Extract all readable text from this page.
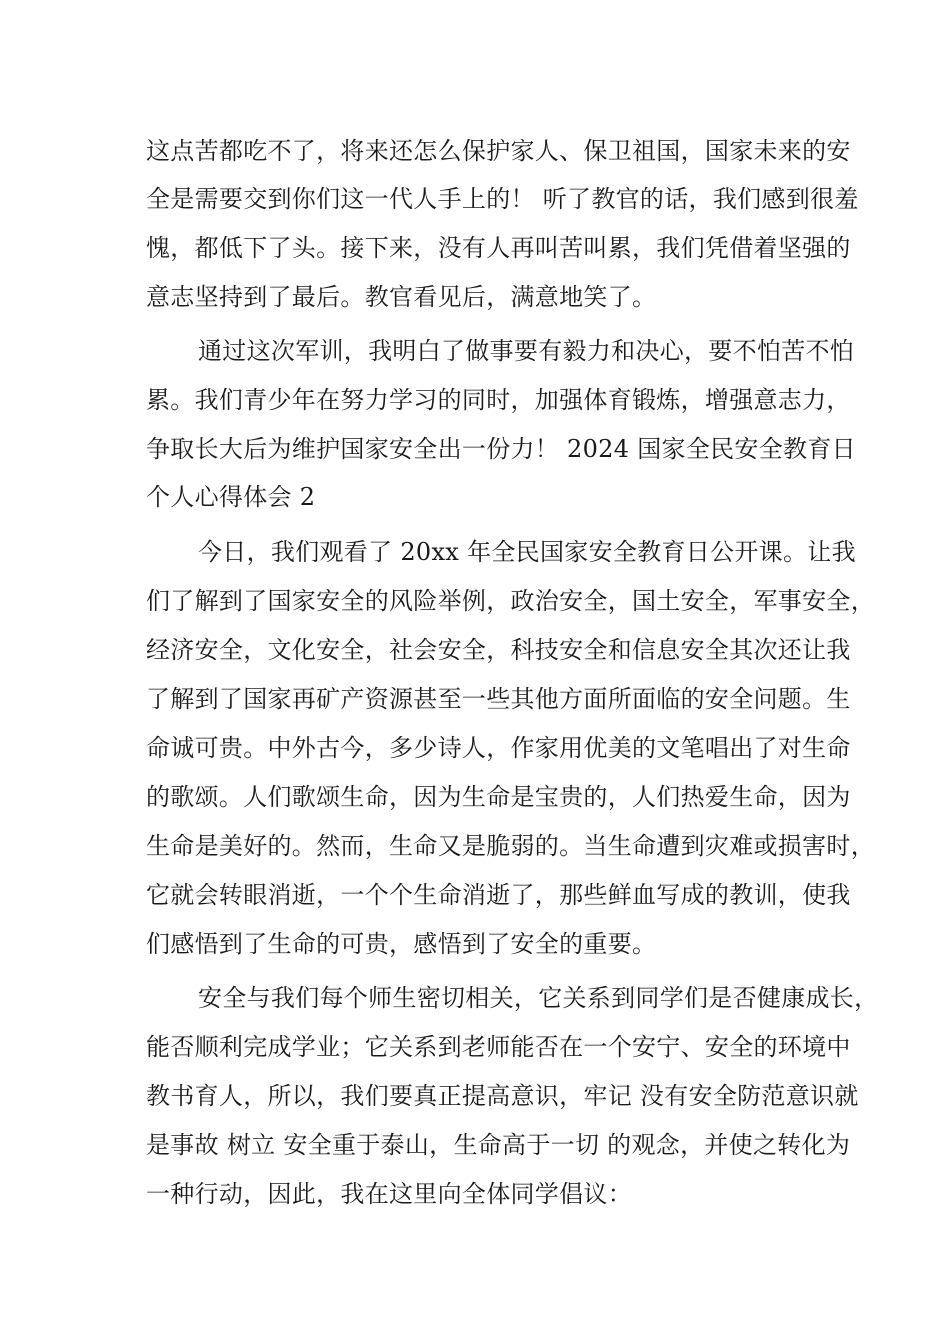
这点苦都吃不了，将来还怎么保护家人、保卫祖国，国家未来的安
全是需要交到你们这一代人手上的！ 听了教官的话，我们感到很羞
愧，都低下了头。接下来，没有人再叫苦叫累，我们凭借着坚强的
意志坚持到了最后。教官看见后，满意地笑了。
通过这次军训，我明白了做事要有毅力和决心，要不怕苦不怕
累。我们青少年在努力学习的同时，加强体育锻炼，增强意志力，
争取长大后为维护国家安全出一份力！ 2024 国家全民安全教育日
个人心得体会 2
今日，我们观看了 20xx 年全民国家安全教育日公开课。让我
们了解到了国家安全的风险举例，政治安全，国土安全，军事安全，
经济安全，文化安全，社会安全，科技安全和信息安全其次还让我
了解到了国家再矿产资源甚至一些其他方面所面临的安全问题。生
命诚可贵。中外古今，多少诗人，作家用优美的文笔唱出了对生命
的歌颂。人们歌颂生命，因为生命是宝贵的，人们热爱生命，因为
生命是美好的。然而，生命又是脆弱的。当生命遭到灾难或损害时，
它就会转眼消逝，一个个生命消逝了，那些鲜血写成的教训，使我
们感悟到了生命的可贵，感悟到了安全的重要。
安全与我们每个师生密切相关，它关系到同学们是否健康成长，
能否顺利完成学业；它关系到老师能否在一个安宁、安全的环境中
教书育人，所以，我们要真正提高意识，牢记 没有安全防范意识就
是事故 树立 安全重于泰山，生命高于一切 的观念，并使之转化为
一种行动，因此，我在这里向全体同学倡议：
